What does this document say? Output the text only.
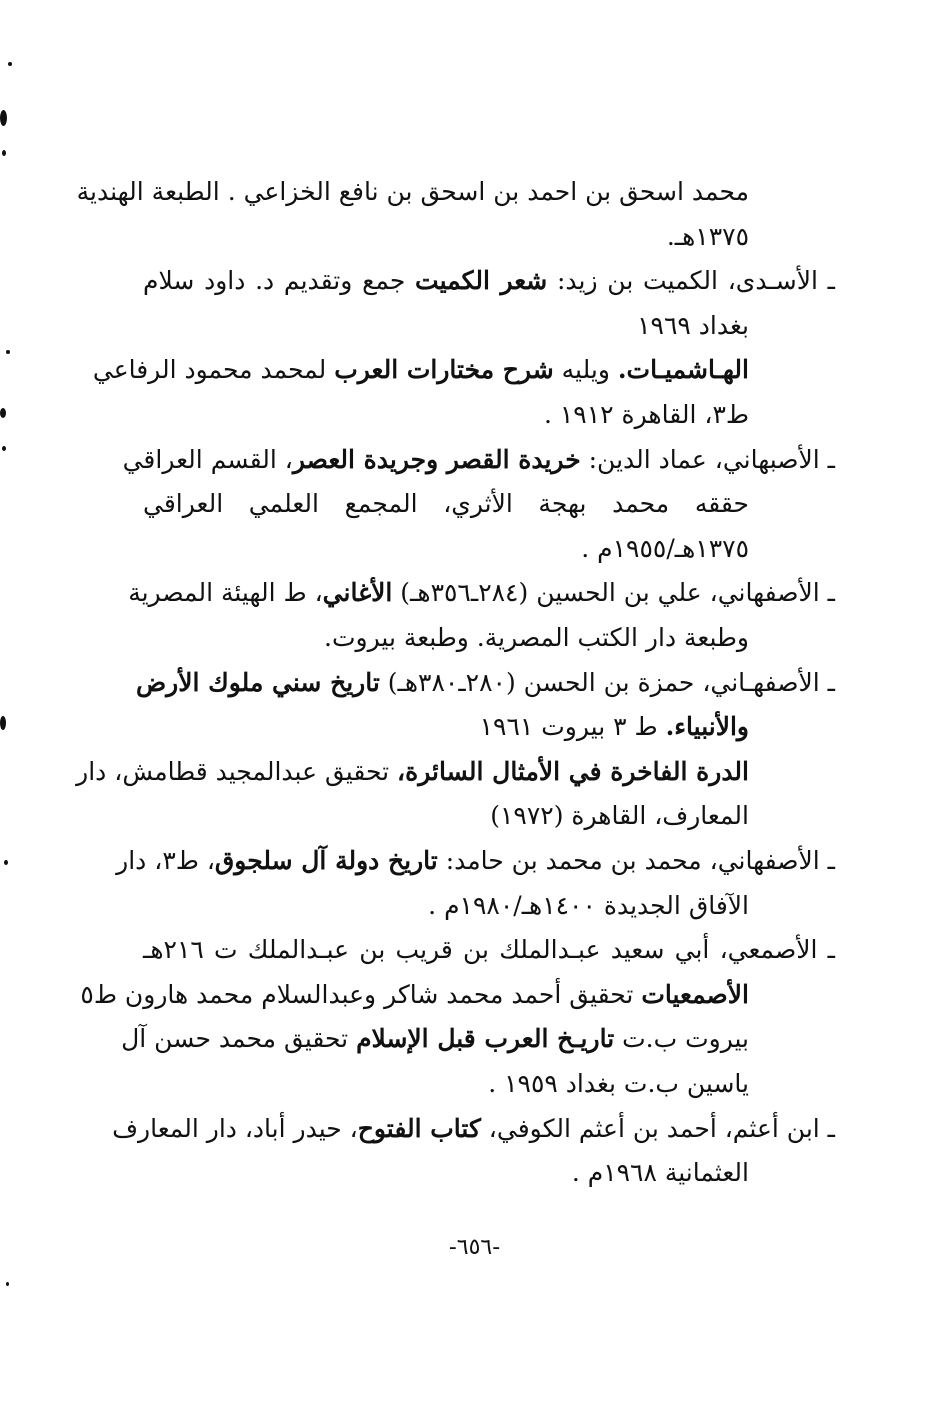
محمد اسحق بن احمد بن اسحق بن نافع الخزاعي . الطبعة الهندية
١٣٧٥هـ.
ـ الأسـدى، الكميت بن زيد: شعر الكميت جمع وتقديم د. داود سلام
بغداد ١٩٦٩
الهـاشميـات. ويليه شرح مختارات العرب لمحمد محمود الرفاعي
ط٣، القاهرة ١٩١٢ .
ـ الأصبهاني، عماد الدين: خريدة القصر وجريدة العصر، القسم العراقي
حققه محمد بهجة الأثري، المجمع العلمي العراقي
١٣٧٥هـ/١٩٥٥م .
ـ الأصفهاني، علي بن الحسين (٢٨٤ـ٣٥٦هـ) الأغاني، ط الهيئة المصرية
وطبعة دار الكتب المصرية. وطبعة بيروت.
ـ الأصفهـاني، حمزة بن الحسن (٢٨٠ـ٣٨٠هـ) تاريخ سني ملوك الأرض
والأنبياء. ط ٣ بيروت ١٩٦١
الدرة الفاخرة في الأمثال السائرة، تحقيق عبدالمجيد قطامش، دار
المعارف، القاهرة (١٩٧٢)
ـ الأصفهاني، محمد بن محمد بن حامد: تاريخ دولة آل سلجوق، ط٣، دار
الآفاق الجديدة ١٤٠٠هـ/١٩٨٠م .
ـ الأصمعي، أبي سعيد عبـدالملك بن قريب بن عبـدالملك ت ٢١٦هـ
الأصمعيات تحقيق أحمد محمد شاكر وعبدالسلام محمد هارون ط٥
بيروت ب.ت تاريـخ العرب قبل الإسلام تحقيق محمد حسن آل
ياسين ب.ت بغداد ١٩٥٩ .
ـ ابن أعثم، أحمد بن أعثم الكوفي، كتاب الفتوح، حيدر أباد، دار المعارف
العثمانية ١٩٦٨م .
-٦٥٦-
